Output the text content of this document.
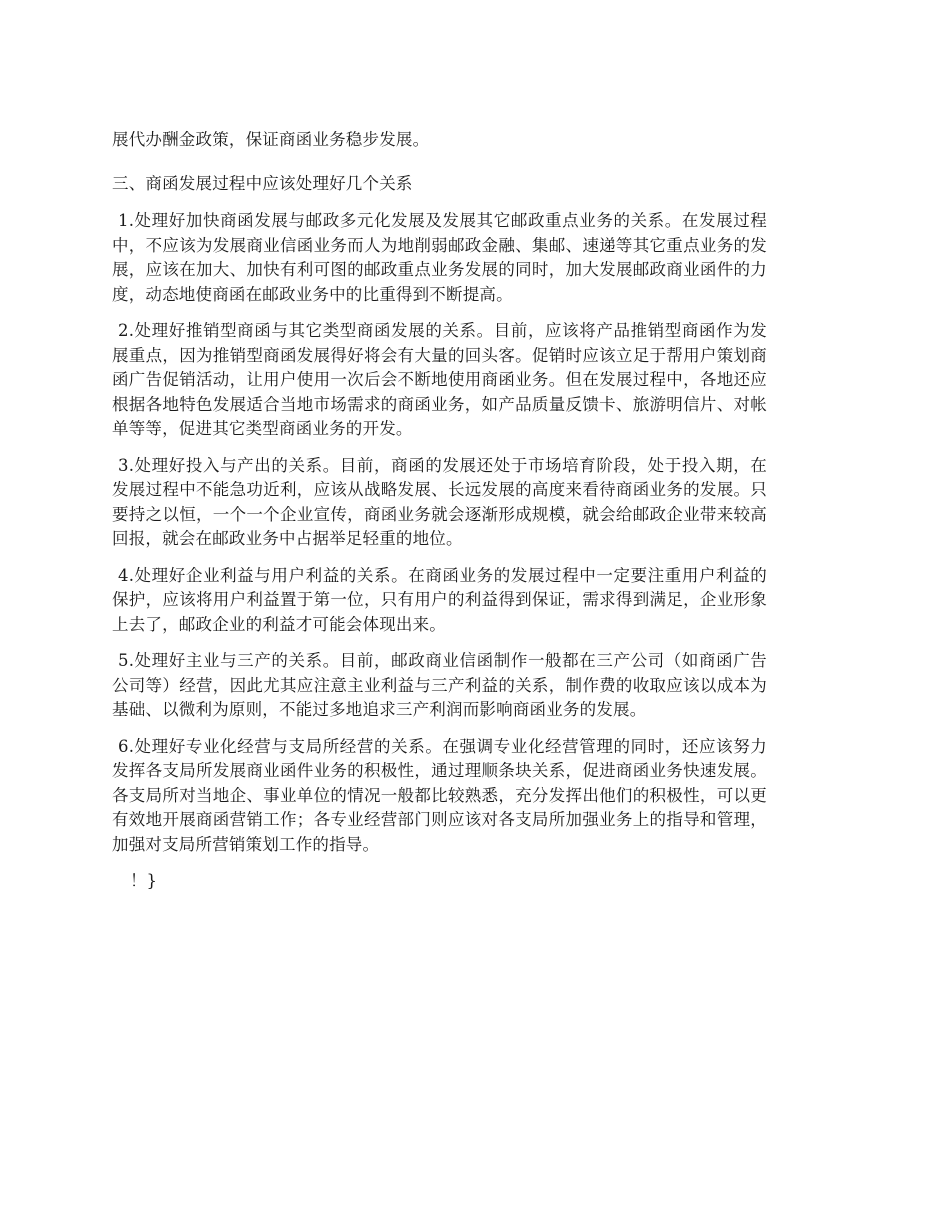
展代办酬金政策，保证商函业务稳步发展。

三、商函发展过程中应该处理好几个关系

1.处理好加快商函发展与邮政多元化发展及发展其它邮政重点业务的关系。在发展过程中，不应该为发展商业信函业务而人为地削弱邮政金融、集邮、速递等其它重点业务的发展，应该在加大、加快有利可图的邮政重点业务发展的同时，加大发展邮政商业函件的力度，动态地使商函在邮政业务中的比重得到不断提高。

2.处理好推销型商函与其它类型商函发展的关系。目前，应该将产品推销型商函作为发展重点，因为推销型商函发展得好将会有大量的回头客。促销时应该立足于帮用户策划商函广告促销活动，让用户使用一次后会不断地使用商函业务。但在发展过程中，各地还应根据各地特色发展适合当地市场需求的商函业务，如产品质量反馈卡、旅游明信片、对帐单等等，促进其它类型商函业务的开发。

3.处理好投入与产出的关系。目前，商函的发展还处于市场培育阶段，处于投入期，在发展过程中不能急功近利，应该从战略发展、长远发展的高度来看待商函业务的发展。只要持之以恒，一个一个企业宣传，商函业务就会逐渐形成规模，就会给邮政企业带来较高回报，就会在邮政业务中占据举足轻重的地位。

4.处理好企业利益与用户利益的关系。在商函业务的发展过程中一定要注重用户利益的保护，应该将用户利益置于第一位，只有用户的利益得到保证，需求得到满足，企业形象上去了，邮政企业的利益才可能会体现出来。

5.处理好主业与三产的关系。目前，邮政商业信函制作一般都在三产公司（如商函广告公司等）经营，因此尤其应注意主业利益与三产利益的关系，制作费的收取应该以成本为基础、以微利为原则，不能过多地追求三产利润而影响商函业务的发展。

6.处理好专业化经营与支局所经营的关系。在强调专业化经营管理的同时，还应该努力发挥各支局所发展商业函件业务的积极性，通过理顺条块关系，促进商函业务快速发展。各支局所对当地企、事业单位的情况一般都比较熟悉，充分发挥出他们的积极性，可以更有效地开展商函营销工作；各专业经营部门则应该对各支局所加强业务上的指导和管理，加强对支局所营销策划工作的指导。

！}
